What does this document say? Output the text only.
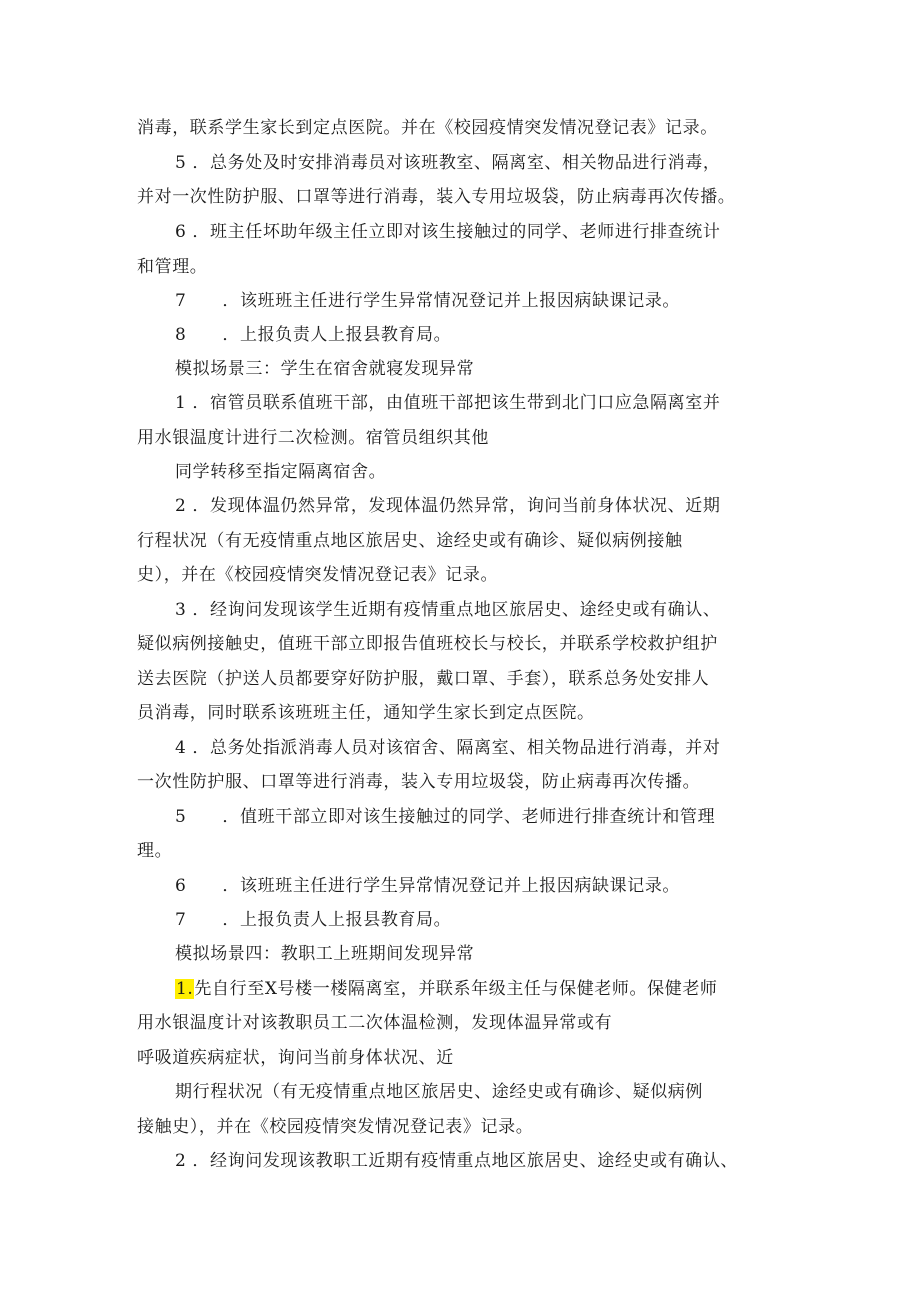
消毒，联系学生家长到定点医院。并在《校园疫情突发情况登记表》记录。
5 ．总务处及时安排消毒员对该班教室、隔离室、相关物品进行消毒，
并对一次性防护服、口罩等进行消毒，装入专用垃圾袋，防止病毒再次传播。
6 ．班主任坏助年级主任立即对该生接触过的同学、老师进行排查统计
和管理。
7 ．该班班主任进行学生异常情况登记并上报因病缺课记录。
8 ．上报负责人上报县教育局。
模拟场景三：学生在宿舍就寝发现异常
1 ．宿管员联系值班干部，由值班干部把该生带到北门口应急隔离室并
用水银温度计进行二次检测。宿管员组织其他
同学转移至指定隔离宿舍。
2 ．发现体温仍然异常，发现体温仍然异常，询问当前身体状况、近期
行程状况（有无疫情重点地区旅居史、途经史或有确诊、疑似病例接触
史），并在《校园疫情突发情况登记表》记录。
3 ．经询问发现该学生近期有疫情重点地区旅居史、途经史或有确认、
疑似病例接触史，值班干部立即报告值班校长与校长，并联系学校救护组护
送去医院（护送人员都要穿好防护服，戴口罩、手套），联系总务处安排人
员消毒，同时联系该班班主任，通知学生家长到定点医院。
4 ．总务处指派消毒人员对该宿舍、隔离室、相关物品进行消毒，并对
一次性防护服、口罩等进行消毒，装入专用垃圾袋，防止病毒再次传播。
5 ．值班干部立即对该生接触过的同学、老师进行排查统计和管理
理。
6 ．该班班主任进行学生异常情况登记并上报因病缺课记录。
7 ．上报负责人上报县教育局。
模拟场景四：教职工上班期间发现异常
1.先自行至X号楼一楼隔离室，并联系年级主任与保健老师。保健老师
用水银温度计对该教职员工二次体温检测，发现体温异常或有
呼吸道疾病症状，询问当前身体状况、近
期行程状况（有无疫情重点地区旅居史、途经史或有确诊、疑似病例
接触史），并在《校园疫情突发情况登记表》记录。
2 ．经询问发现该教职工近期有疫情重点地区旅居史、途经史或有确认、
